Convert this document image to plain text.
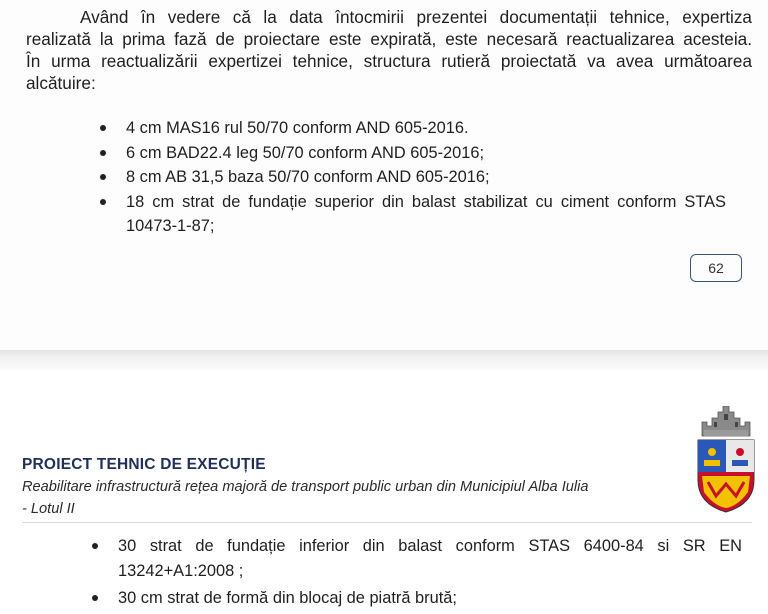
Având în vedere că la data întocmirii prezentei documentații tehnice, expertiza
realizată la prima fază de proiectare este expirată, este necesară reactualizarea acesteia.
În urma reactualizării expertizei tehnice, structura rutieră proiectată va avea următoarea
alcătuire:

4 cm MAS16 rul 50/70 conform AND 605-2016.
6 cm BAD22.4 leg 50/70 conform AND 605-2016;
8 cm AB 31,5 baza 50/70 conform AND 605-2016;
18 cm strat de fundație superior din balast stabilizat cu ciment conform STAS
10473-1-87;
62

PROIECT TEHNIC DE EXECUȚIE

Reabilitare infrastructură rețea majoră de transport public urban din Municipiul Alba Iulia
- Lotul II

30 strat de fundație inferior din balast conform STAS 6400-84 si SR EN
13242+A1:2008 ;
30 cm strat de formă din blocaj de piatră brută;
